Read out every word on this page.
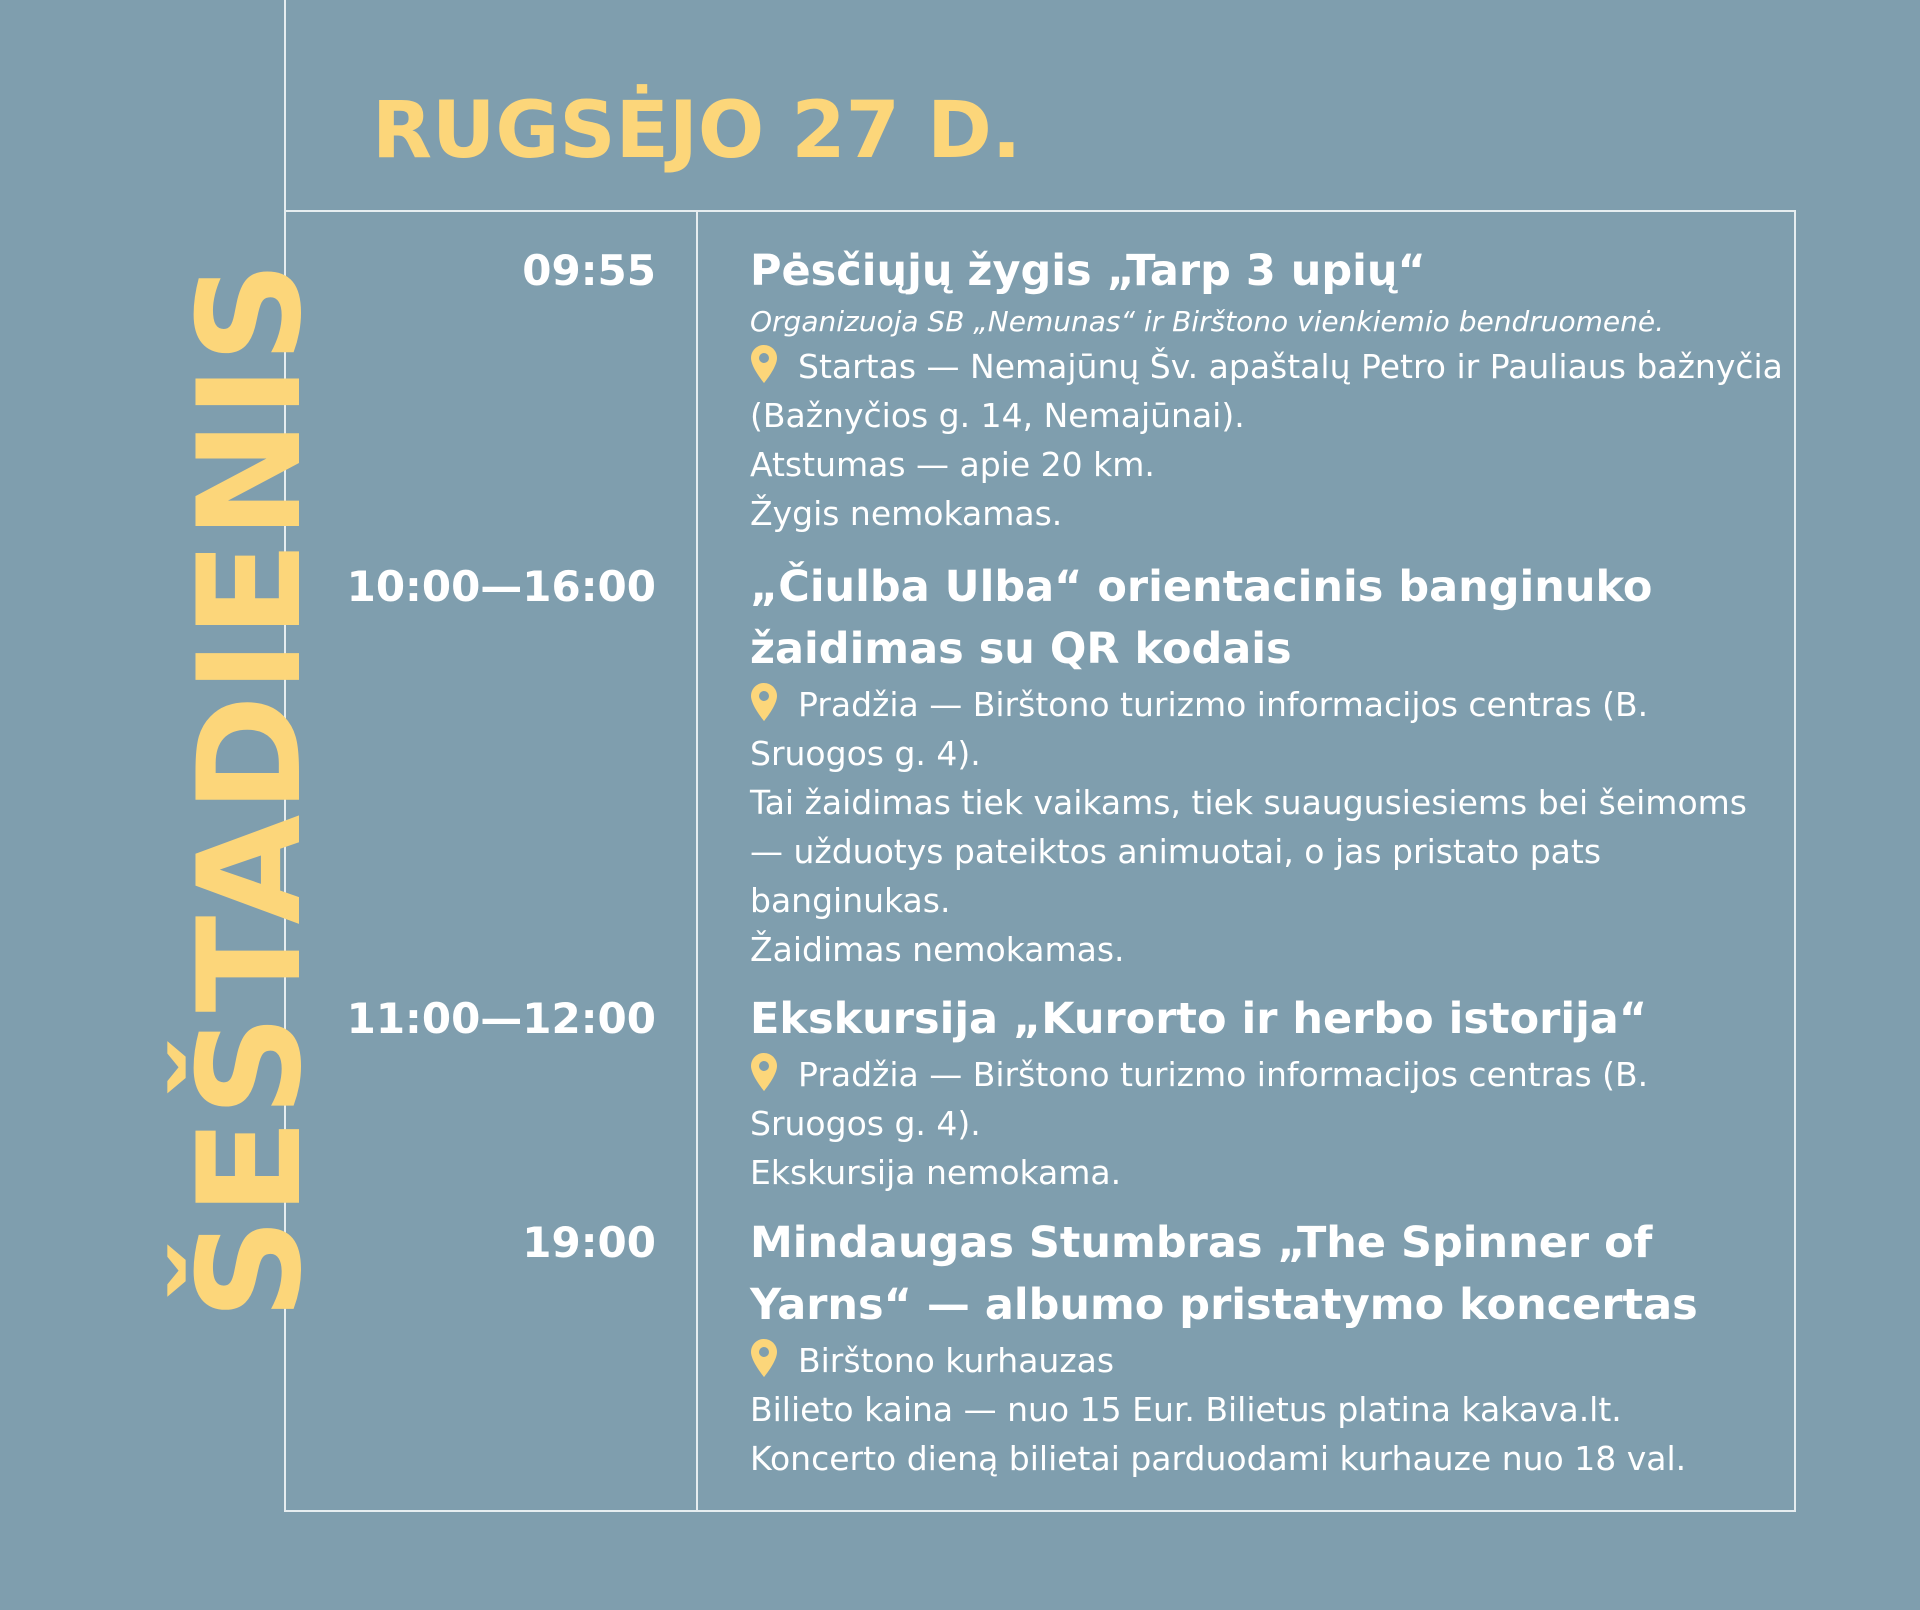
ŠEŠTADIENIS
RUGSĖJO 27 D.
09:55 Pėsčiųjų žygis „Tarp 3 upių“

Organizuoja SB „Nemunas“ ir Birštono vienkiemio bendruomenė.

Startas — Nemajūnų Šv. apaštalų Petro ir Pauliaus bažnyčia (Bažnyčios g. 14, Nemajūnai).

Atstumas — apie 20 km.

Žygis nemokamas.

10:00—16:00 „Čiulba Ulba“ orientacinis banginuko žaidimas su QR kodais

Pradžia — Birštono turizmo informacijos centras (B. Sruogos g. 4).

Tai žaidimas tiek vaikams, tiek suaugusiesiems bei šeimoms — užduotys pateiktos animuotai, o jas pristato pats banginukas.

Žaidimas nemokamas.

11:00—12:00 Ekskursija „Kurorto ir herbo istorija“

Pradžia — Birštono turizmo informacijos centras (B. Sruogos g. 4).

Ekskursija nemokama.

19:00 Mindaugas Stumbras „The Spinner of Yarns“ — albumo pristatymo koncertas

Birštono kurhauzas

Bilieto kaina — nuo 15 Eur. Bilietus platina kakava.lt.

Koncerto dieną bilietai parduodami kurhauze nuo 18 val.
